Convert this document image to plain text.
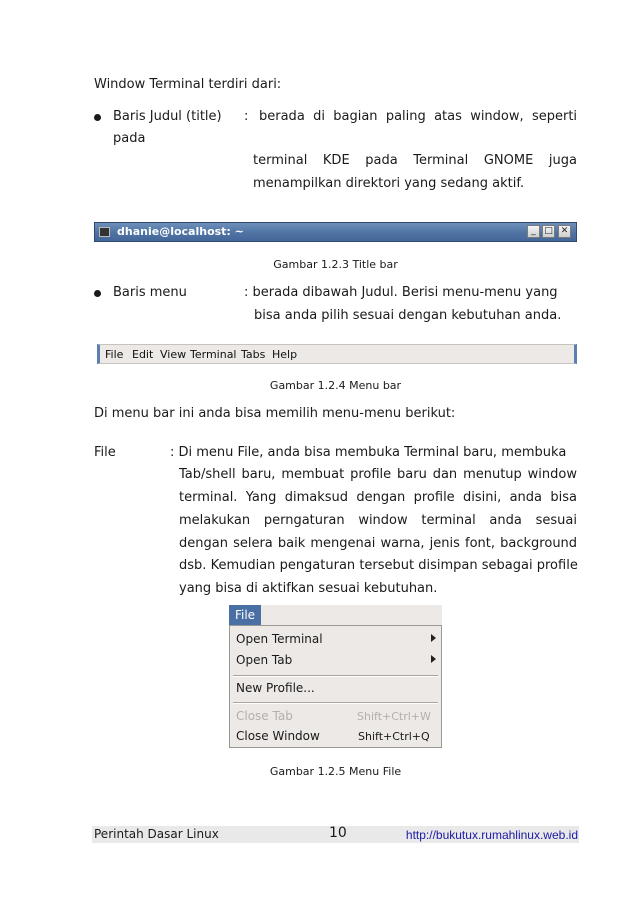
Window Terminal terdiri dari:
Baris Judul (title) : berada di bagian paling atas window, seperti
pada
terminal KDE pada Terminal GNOME juga
menampilkan direktori yang sedang aktif.
dhanie@localhost: ~	_ □ ✕
Gambar 1.2.3 Title bar
Baris menu	: berada dibawah Judul. Berisi menu-menu yang
bisa anda pilih sesuai dengan kebutuhan anda.
File Edit View Terminal Tabs Help
Gambar 1.2.4 Menu bar
Di menu bar ini anda bisa memilih menu-menu berikut:
File	: Di menu File, anda bisa membuka Terminal baru, membuka
Tab/shell baru, membuat profile baru dan menutup window
terminal. Yang dimaksud dengan profile disini, anda bisa
melakukan perngaturan window terminal anda sesuai
dengan selera baik mengenai warna, jenis font, background
dsb. Kemudian pengaturan tersebut disimpan sebagai profile
yang bisa di aktifkan sesuai kebutuhan.
File
Open Terminal
Open Tab
New Profile...
Close Tab	Shift+Ctrl+W
Close Window	Shift+Ctrl+Q
Gambar 1.2.5 Menu File
Perintah Dasar Linux	10	http://bukutux.rumahlinux.web.id
